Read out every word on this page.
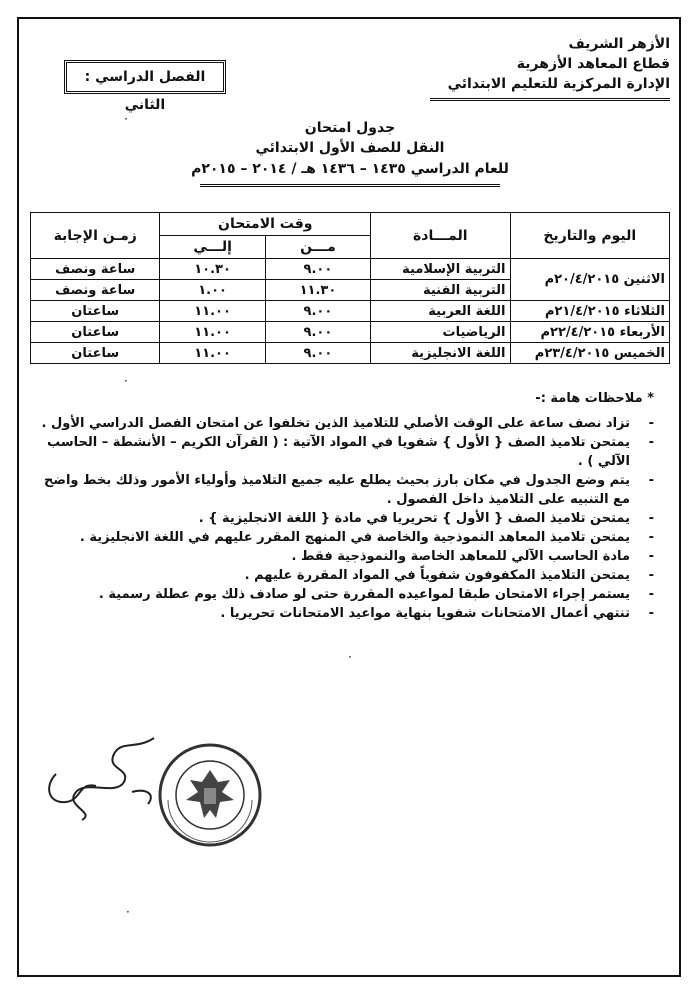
الأزهر الشريف
قطاع المعاهد الأزهرية
الإدارة المركزية للتعليم الابتدائي
الفصل الدراسي : الثاني
جدول امتحان
النقل للصف الأول الابتدائي
للعام الدراسي ١٤٣٥ – ١٤٣٦ هـ / ٢٠١٤ – ٢٠١٥م
اليوم والتاريخ	المـــادة	وقت الامتحان		زمـن الإجابة
		مـــن	إلـــي	
الاثنين ٢٠/٤/٢٠١٥م	التربية الإسلامية	٩.٠٠	١٠.٣٠	ساعة ونصف
	التربية الفنية	١١.٣٠	١.٠٠	ساعة ونصف
الثلاثاء ٢١/٤/٢٠١٥م	اللغة العربية	٩.٠٠	١١.٠٠	ساعتان
الأربعاء ٢٢/٤/٢٠١٥م	الرياضيات	٩.٠٠	١١.٠٠	ساعتان
الخميس ٢٣/٤/٢٠١٥م	اللغة الانجليزية	٩.٠٠	١١.٠٠	ساعتان
* ملاحظات هامة :-
-
تزاد نصف ساعة على الوقت الأصلي للتلاميذ الذين تخلفوا عن امتحان الفصل الدراسي الأول .
-
يمتحن تلاميذ الصف { الأول } شفويا في المواد الآتية : ( القرآن الكريم – الأنشطة – الحاسب الآلي ) .
-
يتم وضع الجدول في مكان بارز بحيث يطلع عليه جميع التلاميذ وأولياء الأمور وذلك بخط واضح مع التنبيه على التلاميذ داخل الفصول .
-
يمتحن تلاميذ الصف { الأول } تحريريا في مادة { اللغة الانجليزية } .
-
يمتحن تلاميذ المعاهد النموذجية والخاصة في المنهج المقرر عليهم في اللغة الانجليزية .
-
مادة الحاسب الآلي للمعاهد الخاصة والنموذجية فقط .
-
يمتحن التلاميذ المكفوفون شفوياً في المواد المقررة عليهم .
-
يستمر إجراء الامتحان طبقا لمواعيده المقررة حتى لو صادف ذلك يوم عطلة رسمية .
-
تنتهي أعمال الامتحانات شفويا بنهاية مواعيد الامتحانات تحريريا .
·
·
·
·
